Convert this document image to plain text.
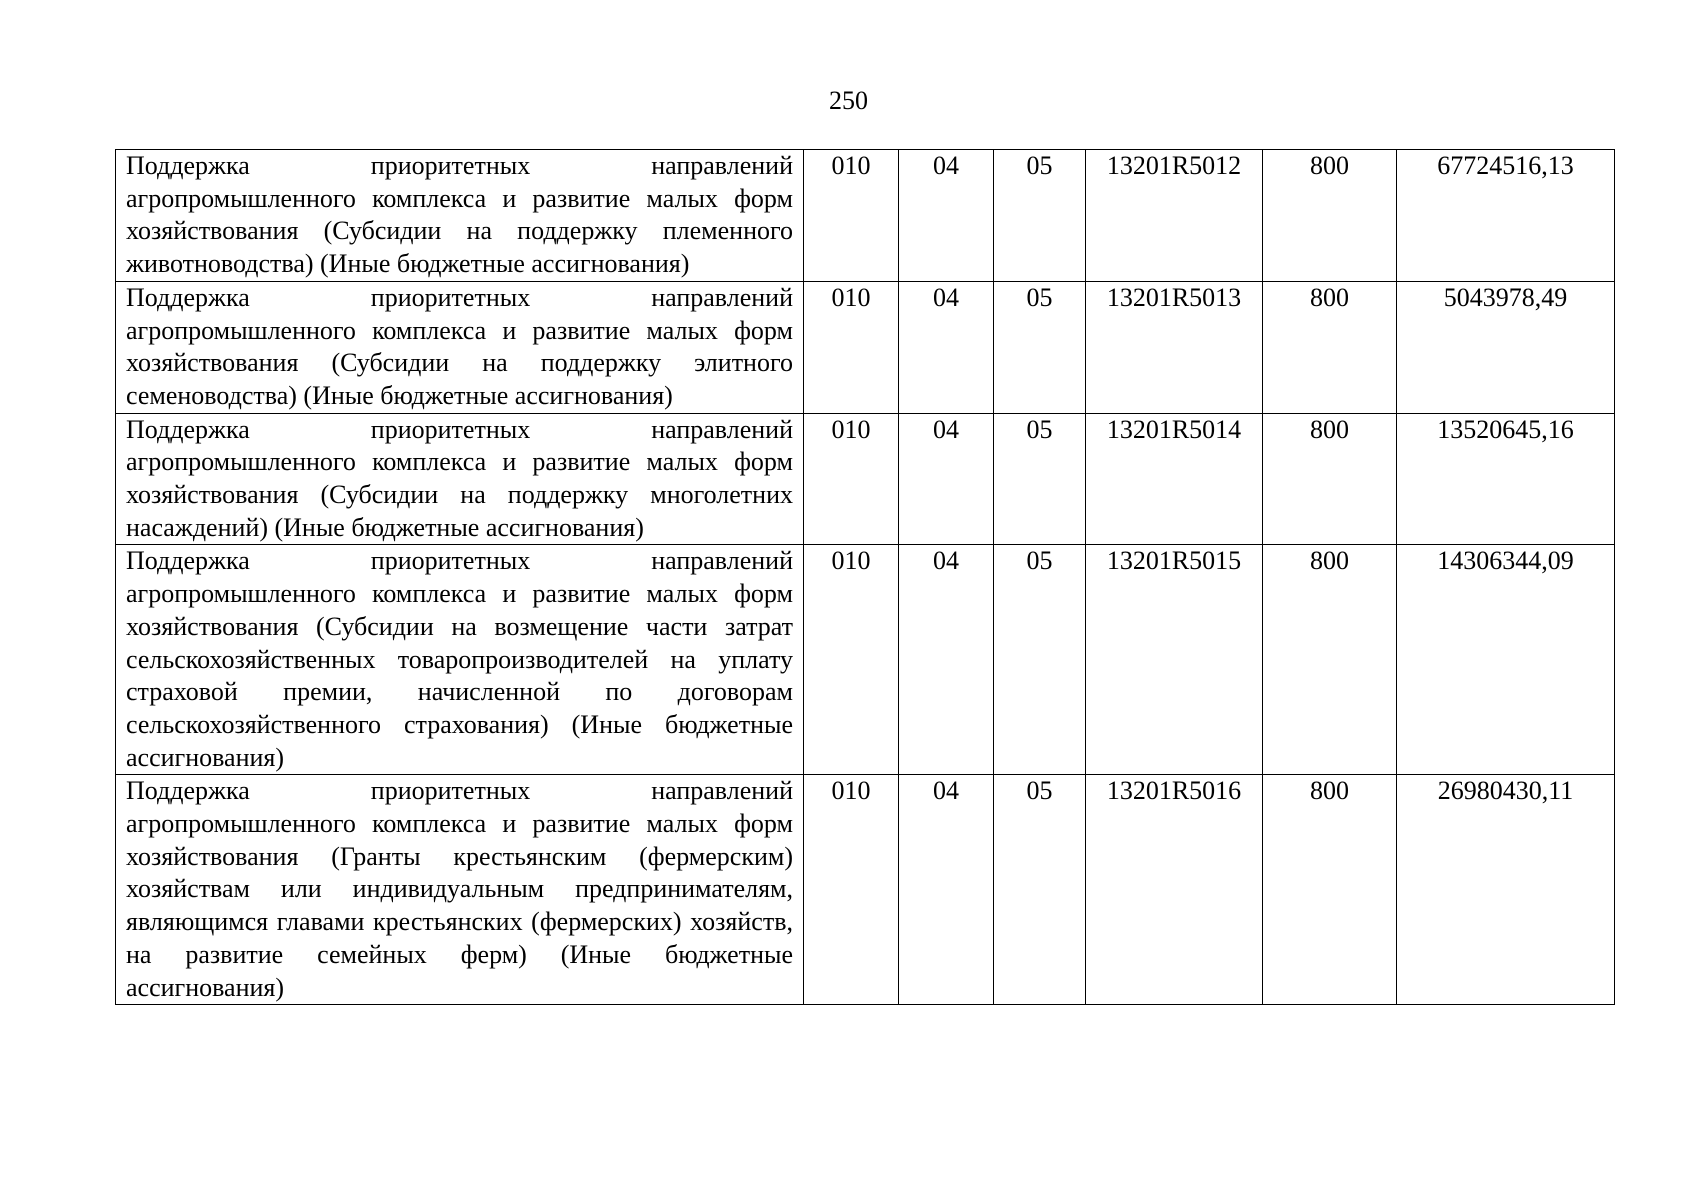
250
Поддержка приоритетных направлений агропромышленного комплекса и развитие малых форм хозяйствования (Субсидии на поддержку племенного животноводства) (Иные бюджетные ассигнования)	010	04	05	13201R5012	800	67724516,13
Поддержка приоритетных направлений агропромышленного комплекса и развитие малых форм хозяйствования (Субсидии на поддержку элитного семеноводства) (Иные бюджетные ассигнования)	010	04	05	13201R5013	800	5043978,49
Поддержка приоритетных направлений агропромышленного комплекса и развитие малых форм хозяйствования (Субсидии на поддержку многолетних насаждений) (Иные бюджетные ассигнования)	010	04	05	13201R5014	800	13520645,16
Поддержка приоритетных направлений агропромышленного комплекса и развитие малых форм хозяйствования (Субсидии на возмещение части затрат сельскохозяйственных товаропроизводителей на уплату страховой премии, начисленной по договорам сельскохозяйственного страхования) (Иные бюджетные ассигнования)	010	04	05	13201R5015	800	14306344,09
Поддержка приоритетных направлений агропромышленного комплекса и развитие малых форм хозяйствования (Гранты крестьянским (фермерским) хозяйствам или индивидуальным предпринимателям, являющимся главами крестьянских (фермерских) хозяйств, на развитие семейных ферм) (Иные бюджетные ассигнования)	010	04	05	13201R5016	800	26980430,11
